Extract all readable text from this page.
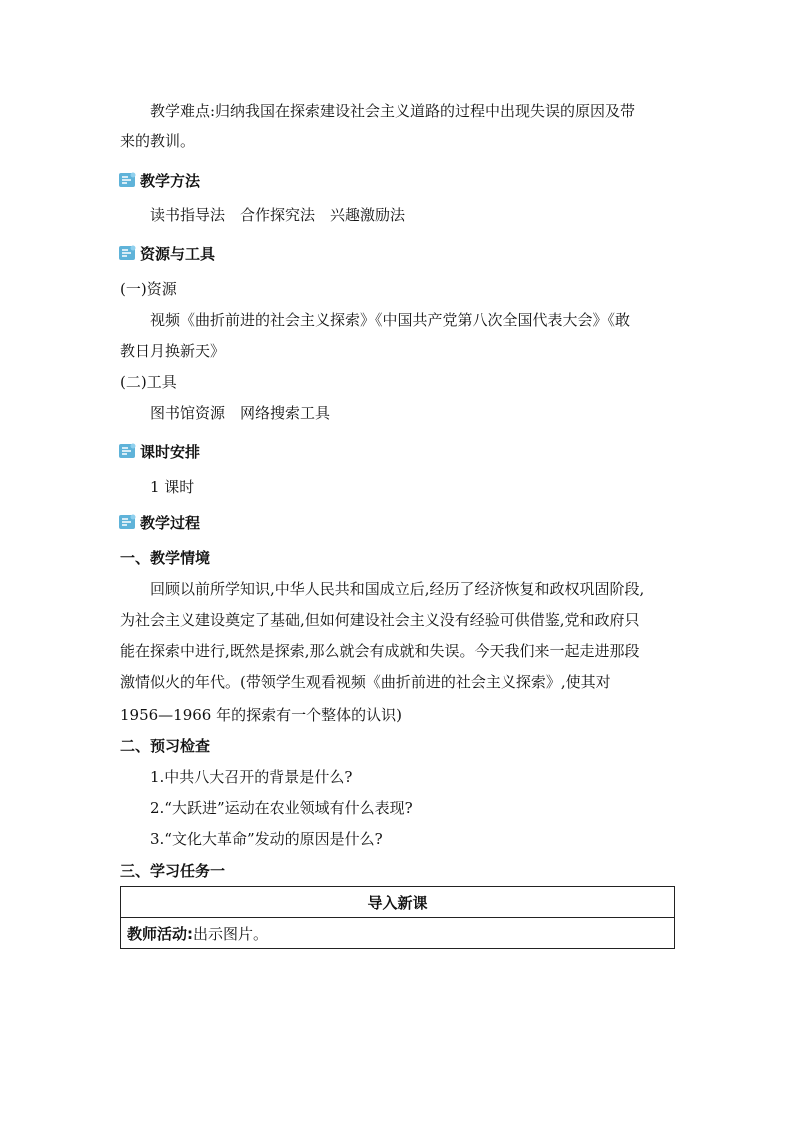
教学难点:归纳我国在探索建设社会主义道路的过程中出现失误的原因及带
来的教训。
教学方法
读书指导法　合作探究法　兴趣激励法
资源与工具
(一)资源
视频《曲折前进的社会主义探索》《中国共产党第八次全国代表大会》《敢
教日月换新天》
(二)工具
图书馆资源　网络搜索工具
课时安排
1 课时
教学过程
一、教学情境
回顾以前所学知识,中华人民共和国成立后,经历了经济恢复和政权巩固阶段,
为社会主义建设奠定了基础,但如何建设社会主义没有经验可供借鉴,党和政府只
能在探索中进行,既然是探索,那么就会有成就和失误。今天我们来一起走进那段
激情似火的年代。(带领学生观看视频《曲折前进的社会主义探索》,使其对
1956—1966 年的探索有一个整体的认识)
二、预习检查
1.中共八大召开的背景是什么?
2.“大跃进”运动在农业领域有什么表现?
3.“文化大革命”发动的原因是什么?
三、学习任务一
导入新课
教师活动:出示图片。
